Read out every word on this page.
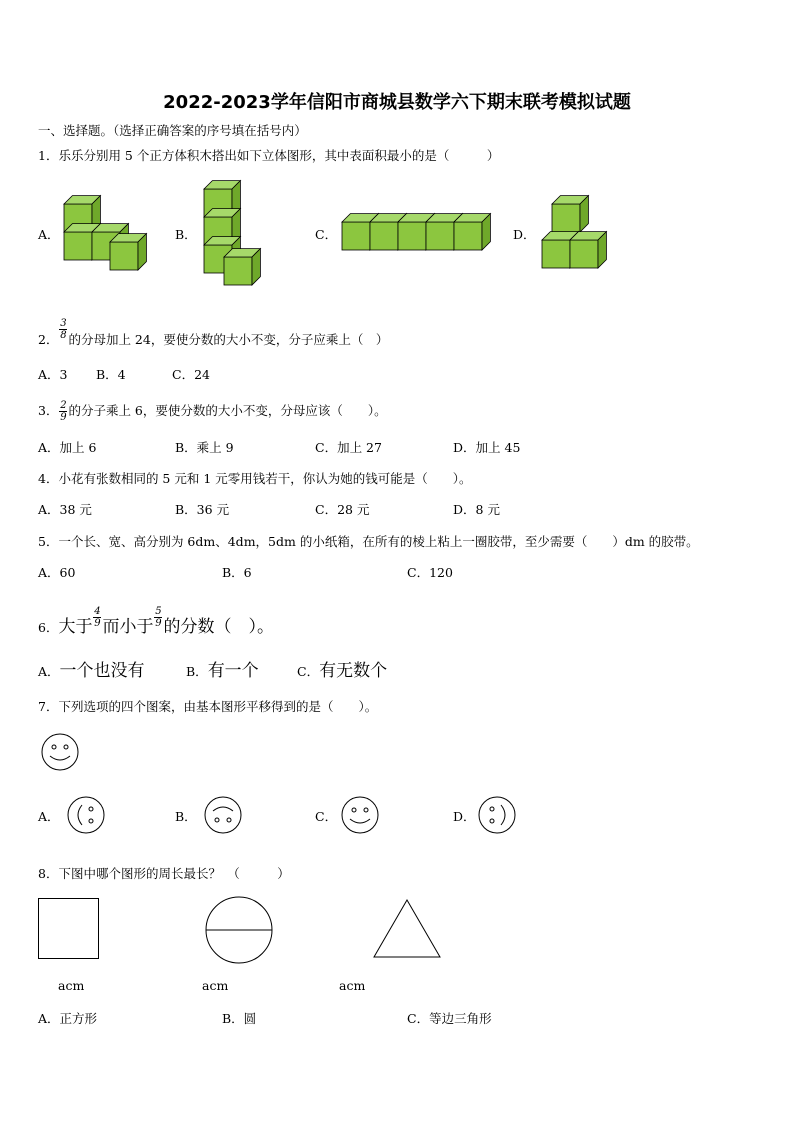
2022-2023学年信阳市商城县数学六下期末联考模拟试题
一、选择题。（选择正确答案的序号填在括号内）
1．乐乐分别用 5 个正方体积木搭出如下立体图形，其中表面积最小的是（　　　）
A．	B．	C．	D．
2． $\frac{3}{8}$ 的分母加上 24，要使分数的大小不变，分子应乘上（　）
A．3 B．4	C．24
3． $\frac{2}{9}$ 的分子乘上 6，要使分数的大小不变，分母应该（　　）。
A．加上 6	B．乘上 9	C．加上 27	D．加上 45
4．小花有张数相同的 5 元和 1 元零用钱若干，你认为她的钱可能是（　　）。
A．38 元	B．36 元	C．28 元	D．8 元
5．一个长、宽、高分别为 6dm、4dm，5dm 的小纸箱，在所有的棱上粘上一圈胶带，至少需要（　　）dm 的胶带。
A．60	B．6	C．120
6．大于 $\frac{4}{9}$ 而小于 $\frac{5}{9}$ 的分数（　）。
A．一个也没有	B．有一个	C．有无数个
7．下列选项的四个图案，由基本图形平移得到的是（　　）。
A．	B．	C．	D．
8．下图中哪个图形的周长最长？　（　　　）
acm	acm	acm
A．正方形	B．圆	C．等边三角形
